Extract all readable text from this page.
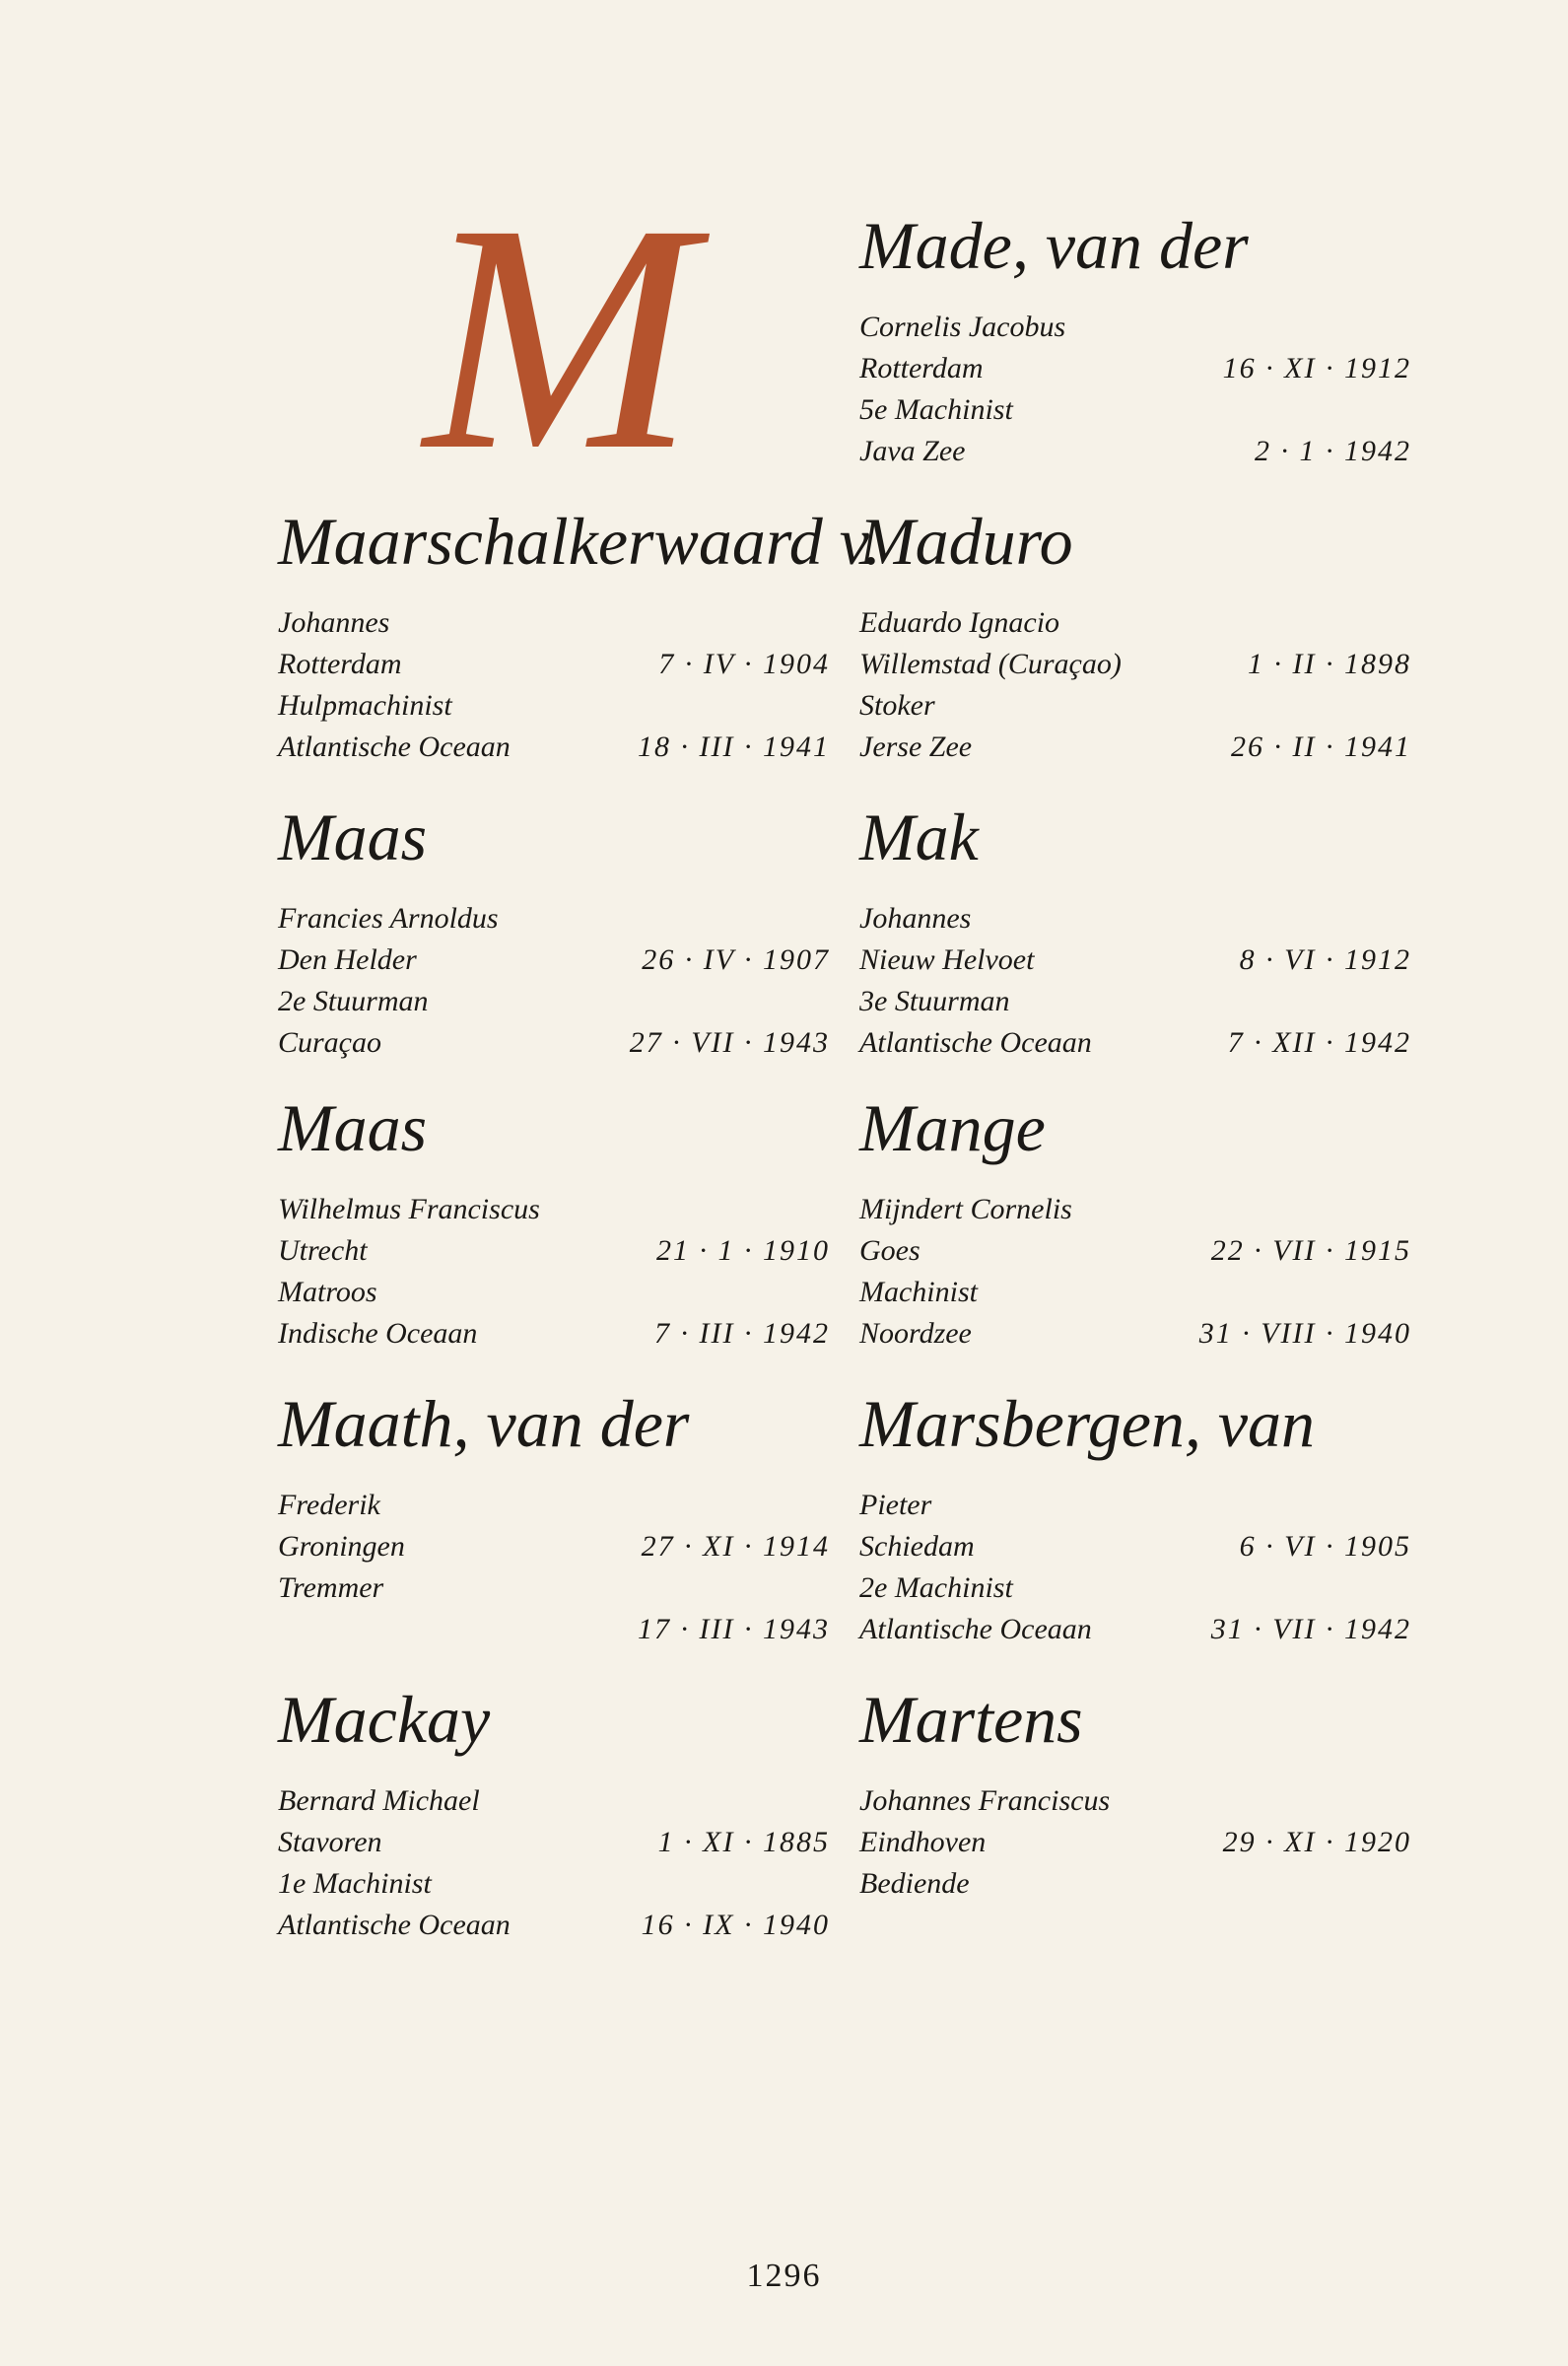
M
Maarschalkerwaard v.
Johannes
Rotterdam	7 · IV · 1904
Hulpmachinist
Atlantische Oceaan	18 · III · 1941
Maas
Francies Arnoldus
Den Helder	26 · IV · 1907
2e Stuurman
Curaçao	27 · VII · 1943
Maas
Wilhelmus Franciscus
Utrecht	21 · 1 · 1910
Matroos
Indische Oceaan	7 · III · 1942
Maath, van der
Frederik
Groningen	27 · XI · 1914
Tremmer
17 · III · 1943
Mackay
Bernard Michael
Stavoren	1 · XI · 1885
1e Machinist
Atlantische Oceaan	16 · IX · 1940
Made, van der
Cornelis Jacobus
Rotterdam	16 · XI · 1912
5e Machinist
Java Zee	2 · 1 · 1942
Maduro
Eduardo Ignacio
Willemstad (Curaçao)	1 · II · 1898
Stoker
Jerse Zee	26 · II · 1941
Mak
Johannes
Nieuw Helvoet	8 · VI · 1912
3e Stuurman
Atlantische Oceaan	7 · XII · 1942
Mange
Mijndert Cornelis
Goes	22 · VII · 1915
Machinist
Noordzee	31 · VIII · 1940
Marsbergen, van
Pieter
Schiedam	6 · VI · 1905
2e Machinist
Atlantische Oceaan	31 · VII · 1942
Martens
Johannes Franciscus
Eindhoven	29 · XI · 1920
Bediende
1296
